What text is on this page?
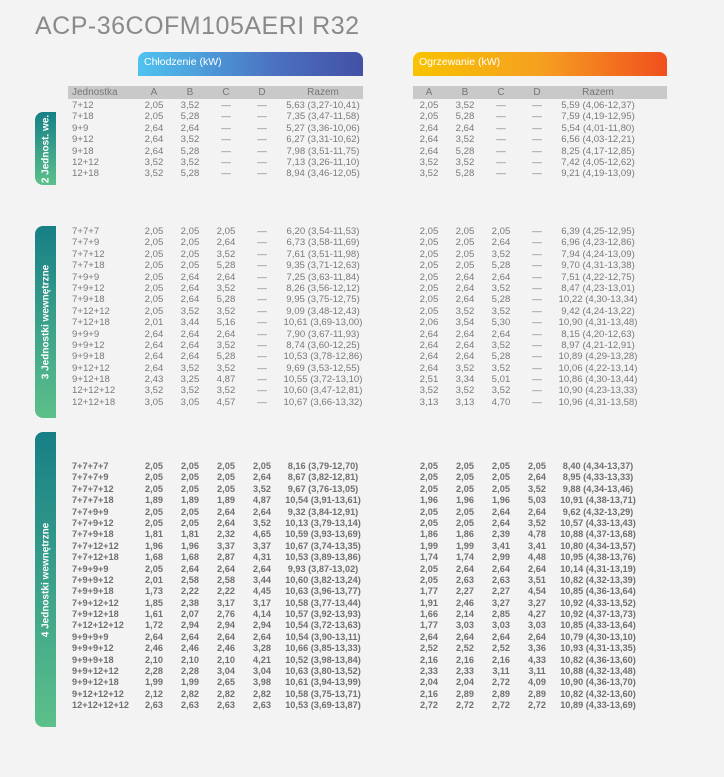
ACP-36COFM105AERI R32
Chłodzenie (kW)	Ogrzewanie (kW)
Jednostka	A	B	C	D	Razem	A	B	C	D	Razem
2 Jednost. we.
3 Jednostki wewnętrzne
4 Jednostki wewnętrzne
7+12	2,05	3,52	—	—	5,63 (3,27-10,41)	2,05	3,52	—	—	5,59 (4,06-12,37)
7+18	2,05	5,28	—	—	7,35 (3,47-11,58)	2,05	5,28	—	—	7,59 (4,19-12,95)
9+9	2,64	2,64	—	—	5,27 (3,36-10,06)	2,64	2,64	—	—	5,54 (4,01-11,80)
9+12	2,64	3,52	—	—	6,27 (3,31-10,62)	2,64	3,52	—	—	6,56 (4,03-12,21)
9+18	2,64	5,28	—	—	7,98 (3,51-11,75)	2,64	5,28	—	—	8,25 (4,17-12,85)
12+12	3,52	3,52	—	—	7,13 (3,26-11,10)	3,52	3,52	—	—	7,42 (4,05-12,62)
12+18	3,52	5,28	—	—	8,94 (3,46-12,05)	3,52	5,28	—	—	9,21 (4,19-13,09)
7+7+7	2,05	2,05	2,05	—	6,20 (3,54-11,53)	2,05	2,05	2,05	—	6,39 (4,25-12,95)
7+7+9	2,05	2,05	2,64	—	6,73 (3,58-11,69)	2,05	2,05	2,64	—	6,96 (4,23-12,86)
7+7+12	2,05	2,05	3,52	—	7,61 (3,51-11,98)	2,05	2,05	3,52	—	7,94 (4,24-13,09)
7+7+18	2,05	2,05	5,28	—	9,35 (3,71-12,63)	2,05	2,05	5,28	—	9,70 (4,31-13,38)
7+9+9	2,05	2,64	2,64	—	7,25 (3,63-11,84)	2,05	2,64	2,64	—	7,51 (4,22-12,75)
7+9+12	2,05	2,64	3,52	—	8,26 (3,56-12,12)	2,05	2,64	3,52	—	8,47 (4,23-13,01)
7+9+18	2,05	2,64	5,28	—	9,95 (3,75-12,75)	2,05	2,64	5,28	—	10,22 (4,30-13,34)
7+12+12	2,05	3,52	3,52	—	9,09 (3,48-12,43)	2,05	3,52	3,52	—	9,42 (4,24-13,22)
7+12+18	2,01	3,44	5,16	—	10,61 (3,69-13,00)	2,06	3,54	5,30	—	10,90 (4,31-13,48)
9+9+9	2,64	2,64	2,64	—	7,90 (3,67-11,93)	2,64	2,64	2,64	—	8,15 (4,20-12,63)
9+9+12	2,64	2,64	3,52	—	8,74 (3,60-12,25)	2,64	2,64	3,52	—	8,97 (4,21-12,91)
9+9+18	2,64	2,64	5,28	—	10,53 (3,78-12,86)	2,64	2,64	5,28	—	10,89 (4,29-13,28)
9+12+12	2,64	3,52	3,52	—	9,69 (3,53-12,55)	2,64	3,52	3,52	—	10,06 (4,22-13,14)
9+12+18	2,43	3,25	4,87	—	10,55 (3,72-13,10)	2,51	3,34	5,01	—	10,86 (4,30-13,44)
12+12+12	3,52	3,52	3,52	—	10,60 (3,47-12,81)	3,52	3,52	3,52	—	10,90 (4,23-13,33)
12+12+18	3,05	3,05	4,57	—	10,67 (3,66-13,32)	3,13	3,13	4,70	—	10,96 (4,31-13,58)
7+7+7+7	2,05	2,05	2,05	2,05	8,16 (3,79-12,70)	2,05	2,05	2,05	2,05	8,40 (4,34-13,37)
7+7+7+9	2,05	2,05	2,05	2,64	8,67 (3,82-12,81)	2,05	2,05	2,05	2,64	8,95 (4,33-13,33)
7+7+7+12	2,05	2,05	2,05	3,52	9,67 (3,76-13,05)	2,05	2,05	2,05	3,52	9,88 (4,34-13,46)
7+7+7+18	1,89	1,89	1,89	4,87	10,54 (3,91-13,61)	1,96	1,96	1,96	5,03	10,91 (4,38-13,71)
7+7+9+9	2,05	2,05	2,64	2,64	9,32 (3,84-12,91)	2,05	2,05	2,64	2,64	9,62 (4,32-13,29)
7+7+9+12	2,05	2,05	2,64	3,52	10,13 (3,79-13,14)	2,05	2,05	2,64	3,52	10,57 (4,33-13,43)
7+7+9+18	1,81	1,81	2,32	4,65	10,59 (3,93-13,69)	1,86	1,86	2,39	4,78	10,88 (4,37-13,68)
7+7+12+12	1,96	1,96	3,37	3,37	10,67 (3,74-13,35)	1,99	1,99	3,41	3,41	10,80 (4,34-13,57)
7+7+12+18	1,68	1,68	2,87	4,31	10,53 (3,89-13,86)	1,74	1,74	2,99	4,48	10,95 (4,38-13,76)
7+9+9+9	2,05	2,64	2,64	2,64	9,93 (3,87-13,02)	2,05	2,64	2,64	2,64	10,14 (4,31-13,19)
7+9+9+12	2,01	2,58	2,58	3,44	10,60 (3,82-13,24)	2,05	2,63	2,63	3,51	10,82 (4,32-13,39)
7+9+9+18	1,73	2,22	2,22	4,45	10,63 (3,96-13,77)	1,77	2,27	2,27	4,54	10,85 (4,36-13,64)
7+9+12+12	1,85	2,38	3,17	3,17	10,58 (3,77-13,44)	1,91	2,46	3,27	3,27	10,92 (4,33-13,52)
7+9+12+18	1,61	2,07	2,76	4,14	10,57 (3,92-13,93)	1,66	2,14	2,85	4,27	10,92 (4,37-13,73)
7+12+12+12	1,72	2,94	2,94	2,94	10,54 (3,72-13,63)	1,77	3,03	3,03	3,03	10,85 (4,33-13,64)
9+9+9+9	2,64	2,64	2,64	2,64	10,54 (3,90-13,11)	2,64	2,64	2,64	2,64	10,79 (4,30-13,10)
9+9+9+12	2,46	2,46	2,46	3,28	10,66 (3,85-13,33)	2,52	2,52	2,52	3,36	10,93 (4,31-13,35)
9+9+9+18	2,10	2,10	2,10	4,21	10,52 (3,98-13,84)	2,16	2,16	2,16	4,33	10,82 (4,36-13,60)
9+9+12+12	2,28	2,28	3,04	3,04	10,63 (3,80-13,52)	2,33	2,33	3,11	3,11	10,88 (4,32-13,48)
9+9+12+18	1,99	1,99	2,65	3,98	10,61 (3,94-13,99)	2,04	2,04	2,72	4,09	10,90 (4,36-13,70)
9+12+12+12	2,12	2,82	2,82	2,82	10,58 (3,75-13,71)	2,16	2,89	2,89	2,89	10,82 (4,32-13,60)
12+12+12+12	2,63	2,63	2,63	2,63	10,53 (3,69-13,87)	2,72	2,72	2,72	2,72	10,89 (4,33-13,69)
